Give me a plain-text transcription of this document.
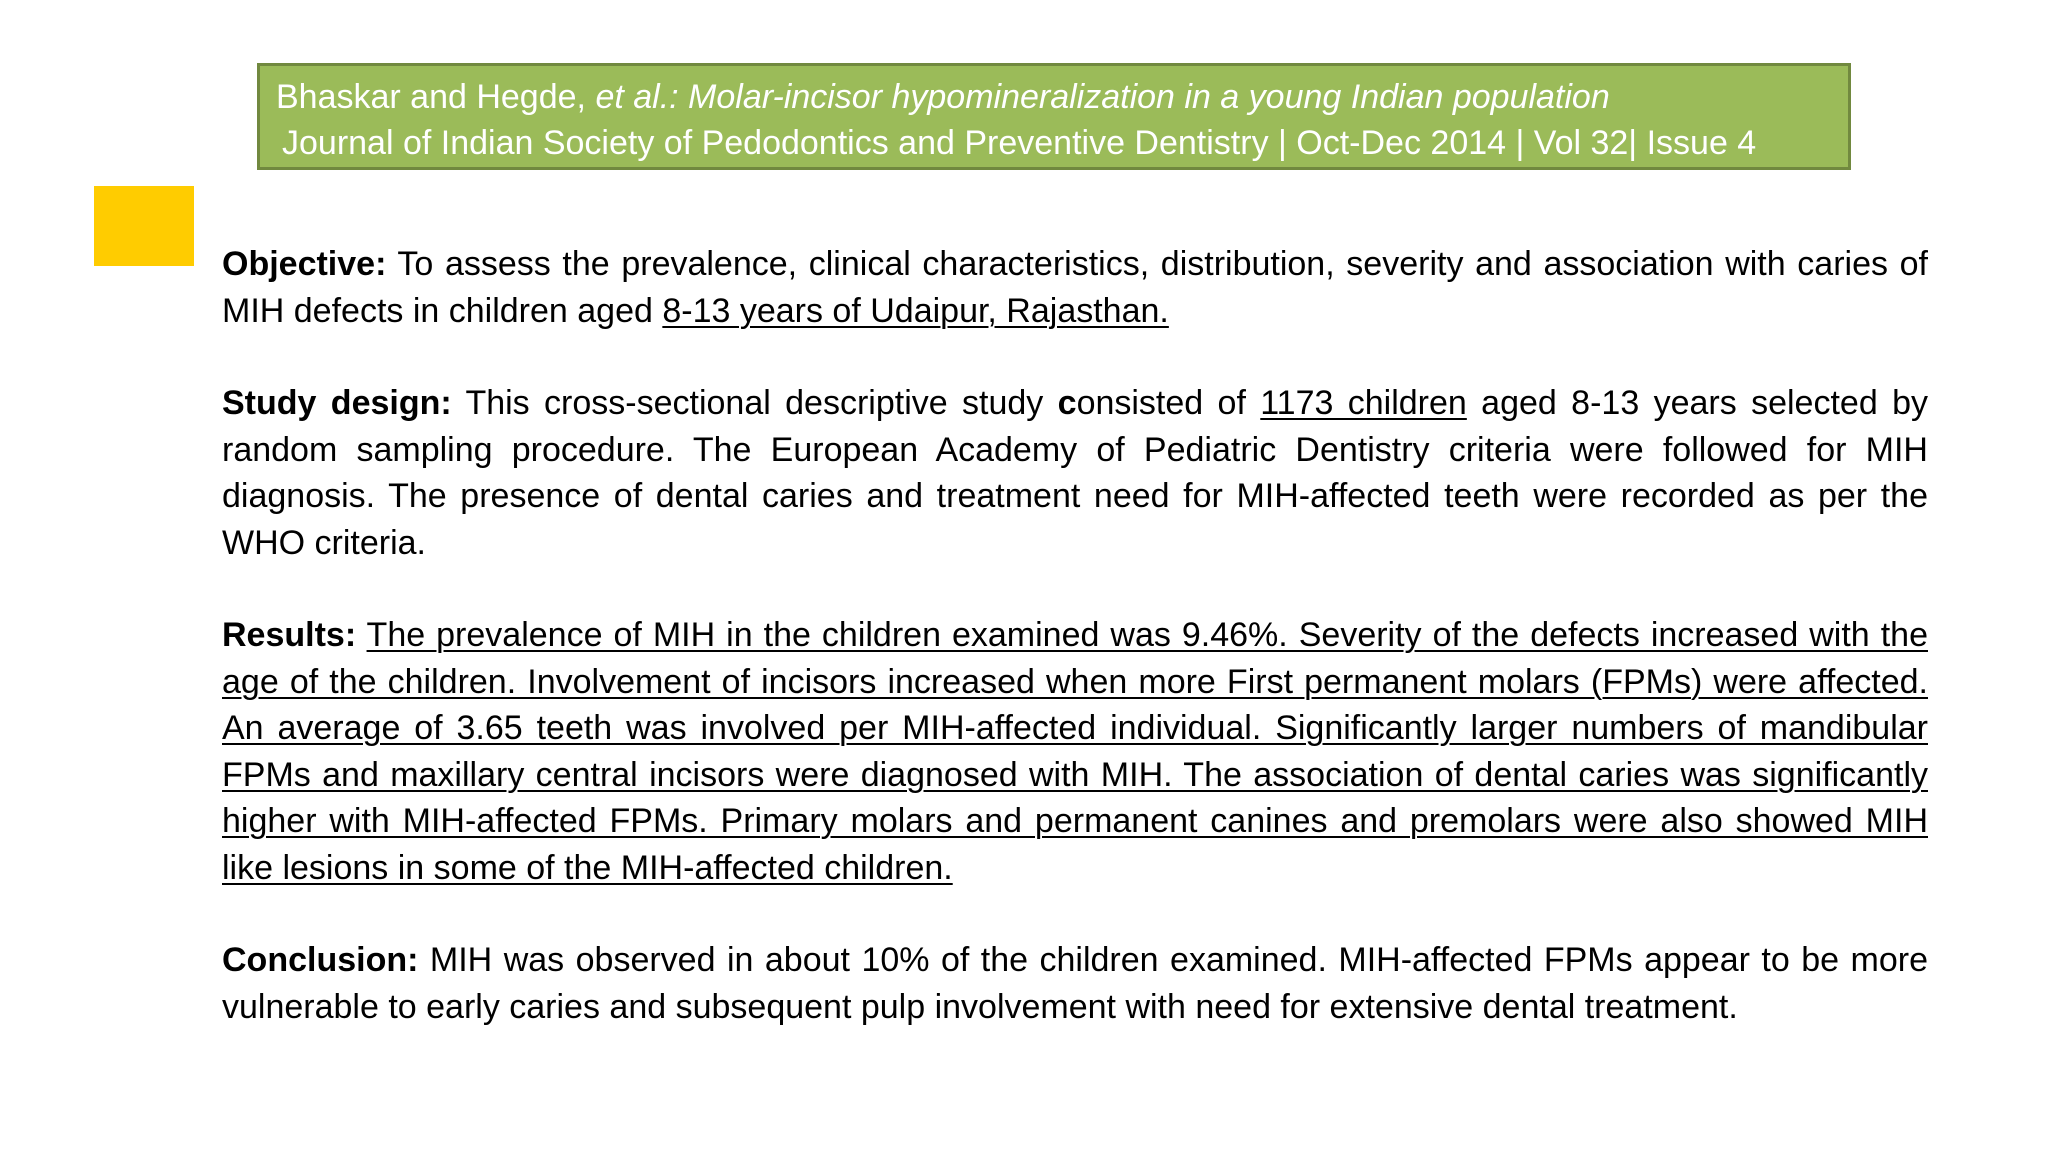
Bhaskar and Hegde, et al.: Molar-incisor hypomineralization in a young Indian population
Journal of Indian Society of Pedodontics and Preventive Dentistry | Oct-Dec 2014 | Vol 32| Issue 4

Objective: To assess the prevalence, clinical characteristics, distribution, severity and association with caries of MIH defects in children aged 8-13 years of Udaipur, Rajasthan.

Study design: This cross-sectional descriptive study consisted of 1173 children aged 8-13 years selected by random sampling procedure. The European Academy of Pediatric Dentistry criteria were followed for MIH diagnosis. The presence of dental caries and treatment need for MIH-affected teeth were recorded as per the WHO criteria.

Results: The prevalence of MIH in the children examined was 9.46%. Severity of the defects increased with the age of the children. Involvement of incisors increased when more First permanent molars (FPMs) were affected. An average of 3.65 teeth was involved per MIH-affected individual. Significantly larger numbers of mandibular FPMs and maxillary central incisors were diagnosed with MIH. The association of dental caries was significantly higher with MIH-affected FPMs. Primary molars and permanent canines and premolars were also showed MIH like lesions in some of the MIH-affected children.

Conclusion: MIH was observed in about 10% of the children examined. MIH-affected FPMs appear to be more vulnerable to early caries and subsequent pulp involvement with need for extensive dental treatment.
